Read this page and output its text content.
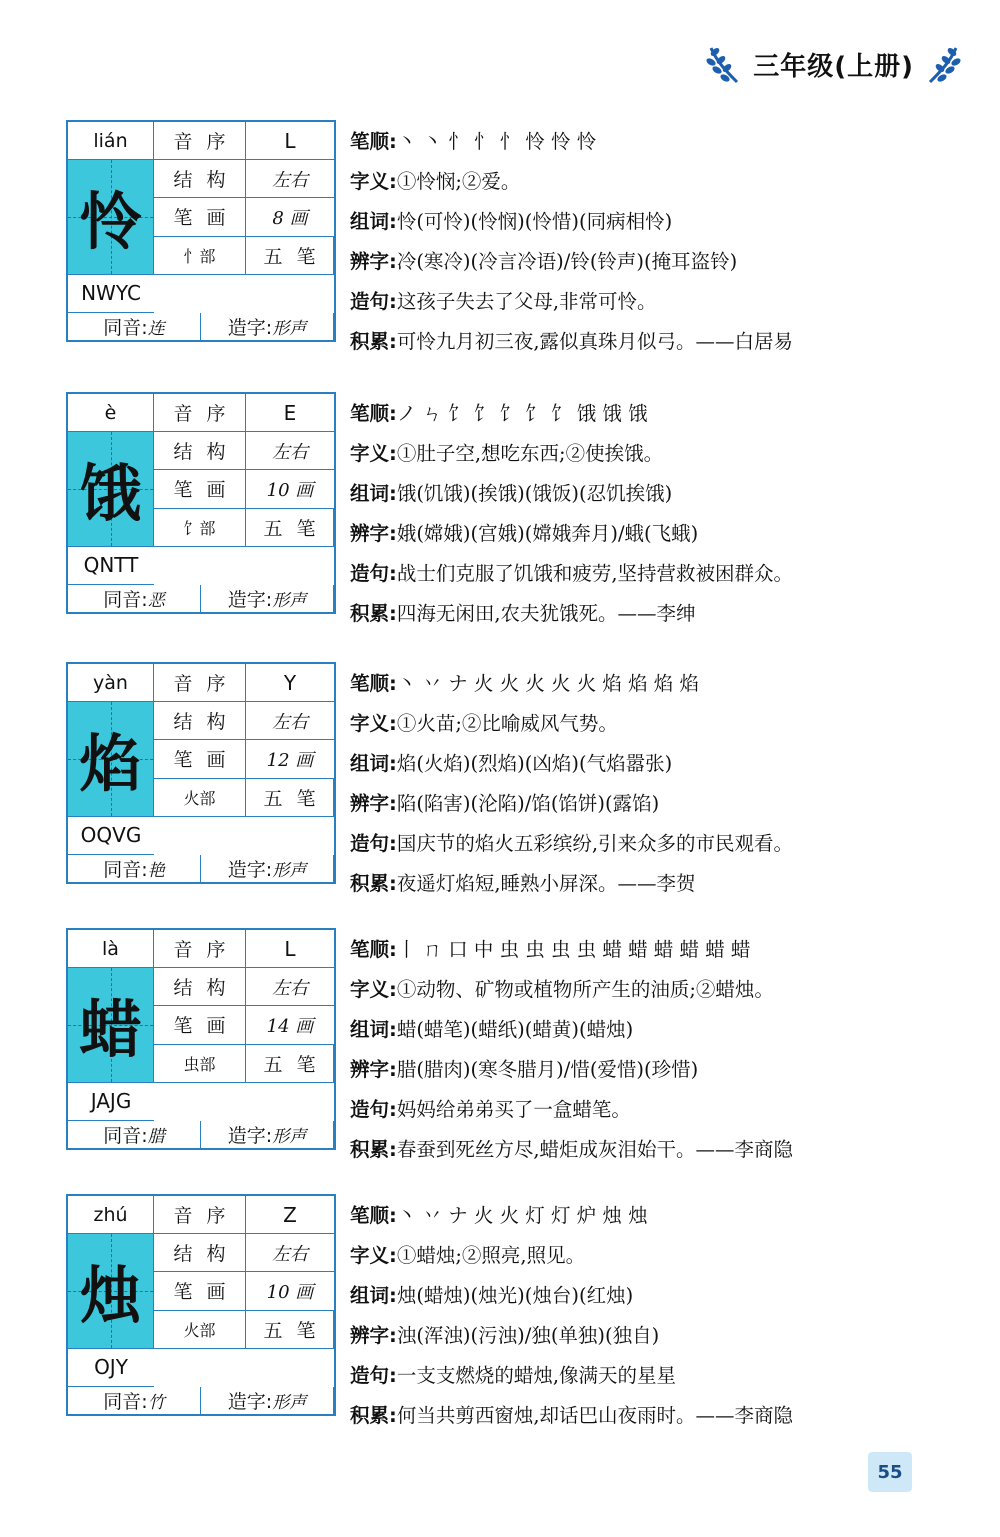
三年级(上册)
lián	音序	L
怜
结构	左右
笔画	8 画
忄部	五笔
NWYC
同音: 连	造字: 形声
笔顺: 丶 丶 忄 忄 忄 怜 怜 怜
字义: ①怜悯;②爱。
组词: 怜(可怜)(怜悯)(怜惜)(同病相怜)
辨字: 冷(寒冷)(冷言冷语)/铃(铃声)(掩耳盗铃)
造句: 这孩子失去了父母,非常可怜。
积累: 可怜九月初三夜,露似真珠月似弓。——白居易
è	音序	E
饿
结构	左右
笔画	10 画
饣部	五笔
QNTT
同音: 恶	造字: 形声
笔顺: ノ ㄣ 饣 饣 饣 饣 饣 饿 饿 饿
字义: ①肚子空,想吃东西;②使挨饿。
组词: 饿(饥饿)(挨饿)(饿饭)(忍饥挨饿)
辨字: 娥(嫦娥)(宫娥)(嫦娥奔月)/蛾(飞蛾)
造句: 战士们克服了饥饿和疲劳,坚持营救被困群众。
积累: 四海无闲田,农夫犹饿死。——李绅
yàn	音序	Y
焰
结构	左右
笔画	12 画
火部	五笔
OQVG
同音: 艳	造字: 形声
笔顺: 丶 丷 ナ 火 火 火 火 火 焰 焰 焰 焰
字义: ①火苗;②比喻威风气势。
组词: 焰(火焰)(烈焰)(凶焰)(气焰嚣张)
辨字: 陷(陷害)(沦陷)/馅(馅饼)(露馅)
造句: 国庆节的焰火五彩缤纷,引来众多的市民观看。
积累: 夜遥灯焰短,睡熟小屏深。——李贺
là	音序	L
蜡
结构	左右
笔画	14 画
虫部	五笔
JAJG
同音: 腊	造字: 形声
笔顺: 丨 ㄇ 口 中 虫 虫 虫 虫 蜡 蜡 蜡 蜡 蜡 蜡
字义: ①动物、矿物或植物所产生的油质;②蜡烛。
组词: 蜡(蜡笔)(蜡纸)(蜡黄)(蜡烛)
辨字: 腊(腊肉)(寒冬腊月)/惜(爱惜)(珍惜)
造句: 妈妈给弟弟买了一盒蜡笔。
积累: 春蚕到死丝方尽,蜡炬成灰泪始干。——李商隐
zhú	音序	Z
烛
结构	左右
笔画	10 画
火部	五笔
OJY
同音: 竹	造字: 形声
笔顺: 丶 丷 ナ 火 火 灯 灯 炉 烛 烛
字义: ①蜡烛;②照亮,照见。
组词: 烛(蜡烛)(烛光)(烛台)(红烛)
辨字: 浊(浑浊)(污浊)/独(单独)(独自)
造句: 一支支燃烧的蜡烛,像满天的星星
积累: 何当共剪西窗烛,却话巴山夜雨时。——李商隐
55
